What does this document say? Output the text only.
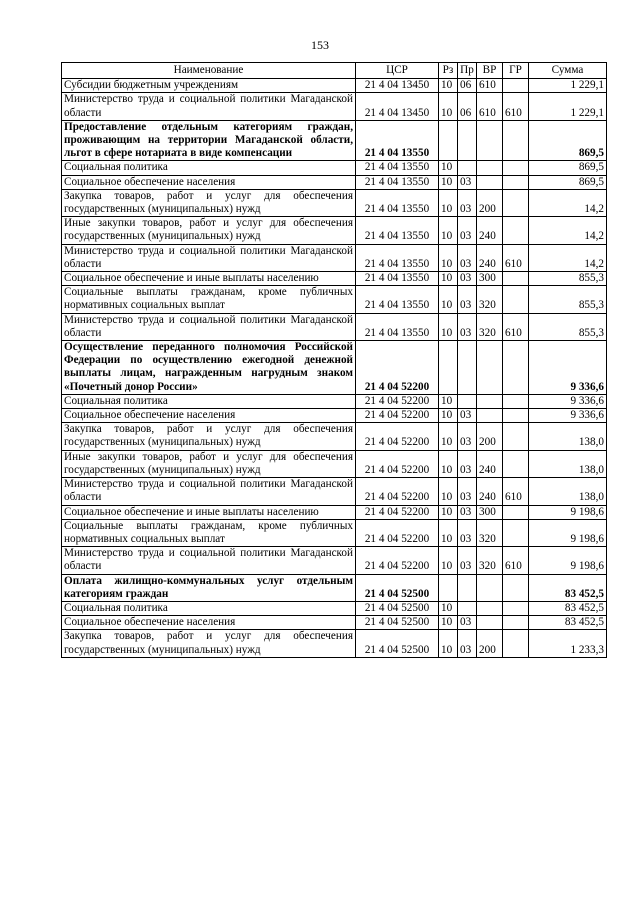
153
Наименование	ЦСР	Рз	Пр	ВР	ГР	Сумма
Субсидии бюджетным учреждениям	21 4 04 13450	10	06	610		1 229,1
Министерство труда и социальной политики Магаданской области	21 4 04 13450	10	06	610	610	1 229,1
Предоставление отдельным категориям граждан, проживающим на территории Магаданской области, льгот в сфере нотариата в виде компенсации	21 4 04 13550					869,5
Социальная политика	21 4 04 13550	10				869,5
Социальное обеспечение населения	21 4 04 13550	10	03			869,5
Закупка товаров, работ и услуг для обеспечения государственных (муниципальных) нужд	21 4 04 13550	10	03	200		14,2
Иные закупки товаров, работ и услуг для обеспечения государственных (муниципальных) нужд	21 4 04 13550	10	03	240		14,2
Министерство труда и социальной политики Магаданской области	21 4 04 13550	10	03	240	610	14,2
Социальное обеспечение и иные выплаты населению	21 4 04 13550	10	03	300		855,3
Социальные выплаты гражданам, кроме публичных нормативных социальных выплат	21 4 04 13550	10	03	320		855,3
Министерство труда и социальной политики Магаданской области	21 4 04 13550	10	03	320	610	855,3
Осуществление переданного полномочия Российской Федерации по осуществлению ежегодной денежной выплаты лицам, награжденным нагрудным знаком «Почетный донор России»	21 4 04 52200					9 336,6
Социальная политика	21 4 04 52200	10				9 336,6
Социальное обеспечение населения	21 4 04 52200	10	03			9 336,6
Закупка товаров, работ и услуг для обеспечения государственных (муниципальных) нужд	21 4 04 52200	10	03	200		138,0
Иные закупки товаров, работ и услуг для обеспечения государственных (муниципальных) нужд	21 4 04 52200	10	03	240		138,0
Министерство труда и социальной политики Магаданской области	21 4 04 52200	10	03	240	610	138,0
Социальное обеспечение и иные выплаты населению	21 4 04 52200	10	03	300		9 198,6
Социальные выплаты гражданам, кроме публичных нормативных социальных выплат	21 4 04 52200	10	03	320		9 198,6
Министерство труда и социальной политики Магаданской области	21 4 04 52200	10	03	320	610	9 198,6
Оплата жилищно-коммунальных услуг отдельным категориям граждан	21 4 04 52500					83 452,5
Социальная политика	21 4 04 52500	10				83 452,5
Социальное обеспечение населения	21 4 04 52500	10	03			83 452,5
Закупка товаров, работ и услуг для обеспечения государственных (муниципальных) нужд	21 4 04 52500	10	03	200		1 233,3
